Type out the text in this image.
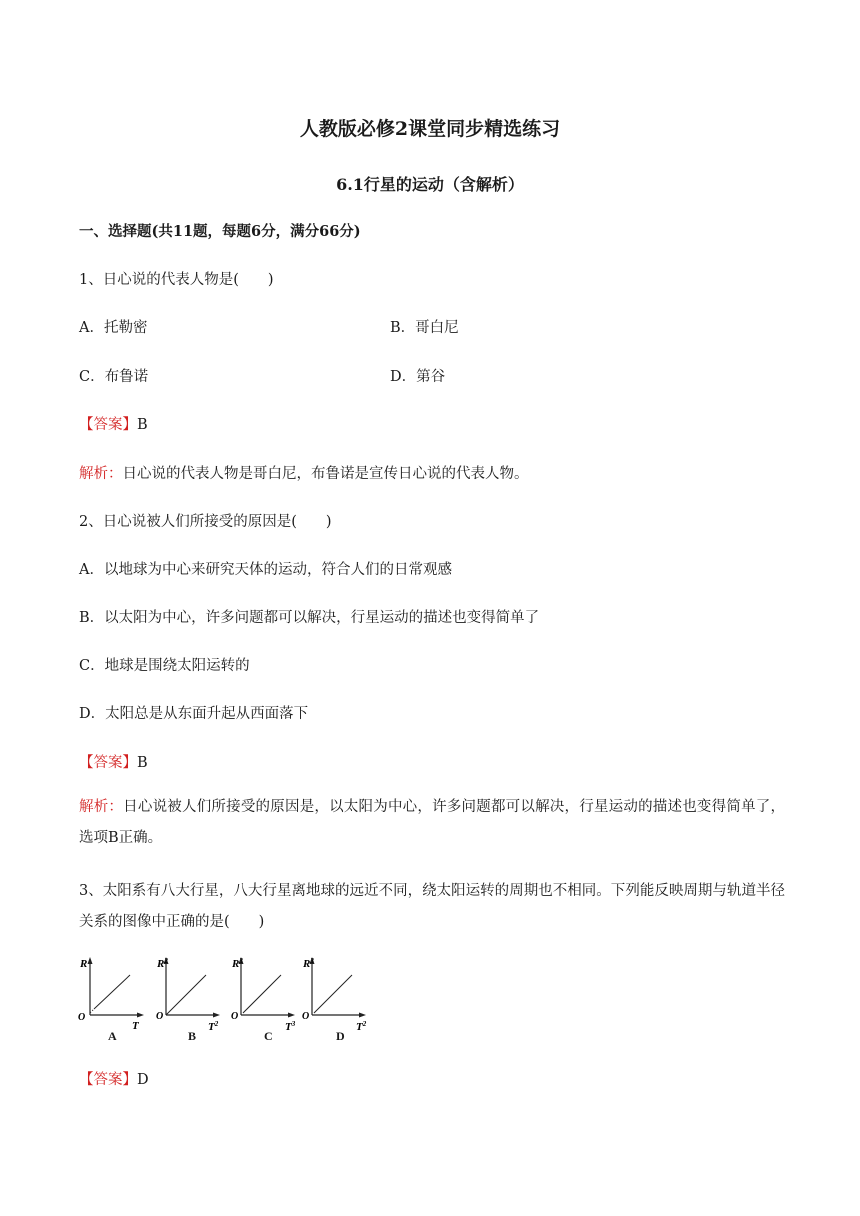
人教版必修2课堂同步精选练习
6.1行星的运动（含解析）
一、选择题(共11题，每题6分，满分66分)
1、日心说的代表人物是(　　)
A．托勒密	B．哥白尼
C．布鲁诺	D．第谷
【答案】B
解析：日心说的代表人物是哥白尼，布鲁诺是宣传日心说的代表人物。
2、日心说被人们所接受的原因是(　　)
A．以地球为中心来研究天体的运动，符合人们的日常观感
B．以太阳为中心，许多问题都可以解决，行星运动的描述也变得简单了
C．地球是围绕太阳运转的
D．太阳总是从东面升起从西面落下
【答案】B
解析：日心说被人们所接受的原因是，以太阳为中心，许多问题都可以解决，行星运动的描述也变得简单了，选项B正确。
3、太阳系有八大行星，八大行星离地球的远近不同，绕太阳运转的周期也不相同。下列能反映周期与轨道半径关系的图像中正确的是(　　)
R
O
T
A
$R^2$
O
$T^2$
B
$R^3$
O
$T^3$
C
$R^3$
O
$T^2$
D
【答案】D
